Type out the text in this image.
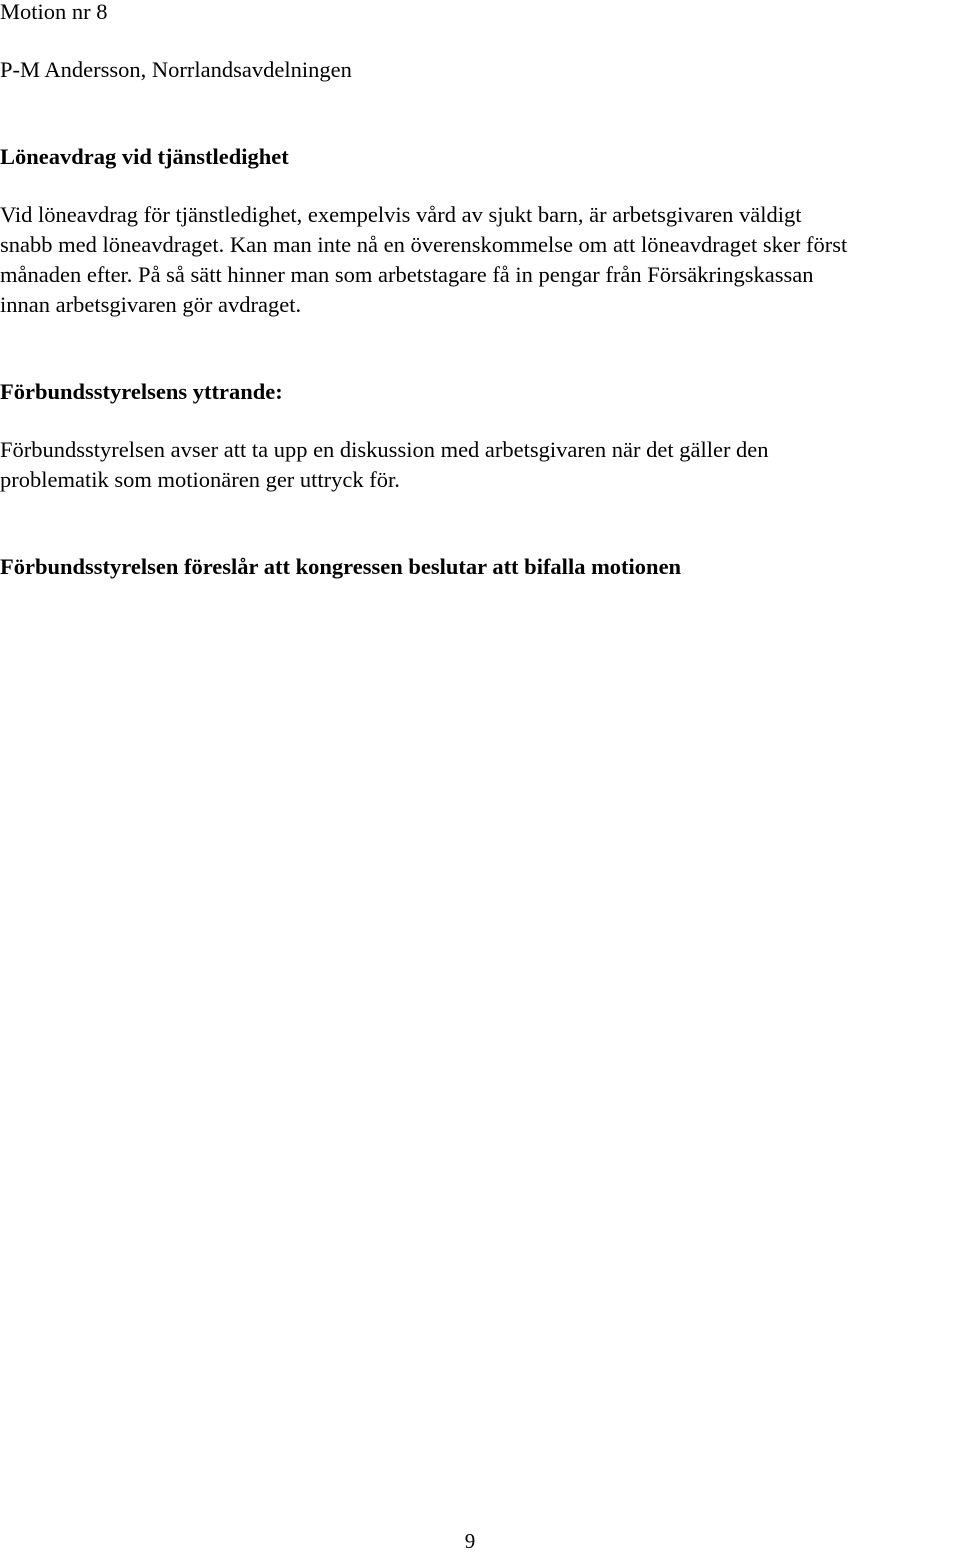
Motion nr 8

P-M Andersson, Norrlandsavdelningen

Löneavdrag vid tjänstledighet

Vid löneavdrag för tjänstledighet, exempelvis vård av sjukt barn, är arbetsgivaren väldigt
snabb med löneavdraget. Kan man inte nå en överenskommelse om att löneavdraget sker först
månaden efter. På så sätt hinner man som arbetstagare få in pengar från Försäkringskassan
innan arbetsgivaren gör avdraget.

Förbundsstyrelsens yttrande:

Förbundsstyrelsen avser att ta upp en diskussion med arbetsgivaren när det gäller den
problematik som motionären ger uttryck för.

Förbundsstyrelsen föreslår att kongressen beslutar att bifalla motionen

9
